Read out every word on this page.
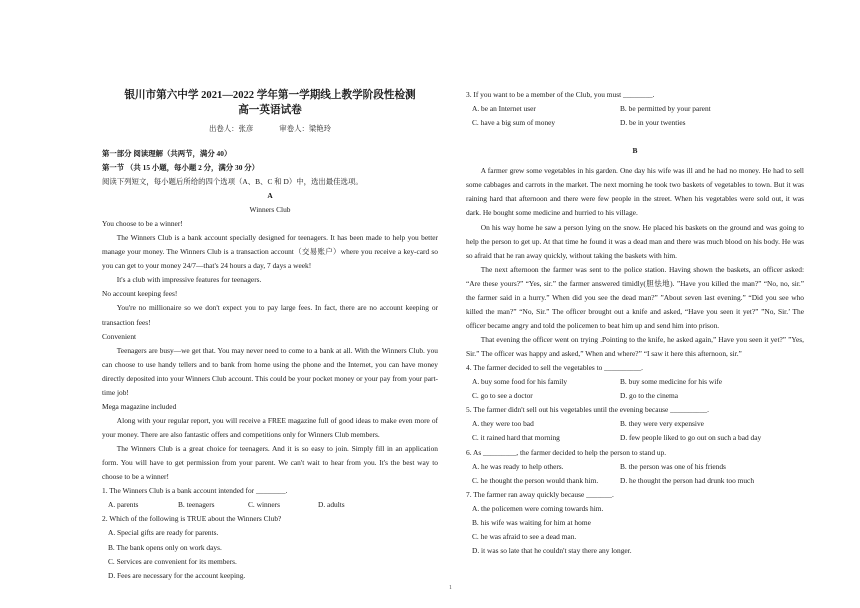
银川市第六中学 2021—2022 学年第一学期线上教学阶段性检测
高一英语试卷
出卷人：张彦	审卷人：梁艳玲
第一部分 阅读理解（共两节，满分 40）
第一节 （共 15 小题，每小题 2 分，满分 30 分）
阅读下列短文，每小题后所给的四个选项（A、B、C 和 D）中，选出最佳选项。
A
Winners Club
You choose to be a winner!
The Winners Club is a bank account specially designed for teenagers. It has been made to help you better manage your money. The Winners Club is a transaction account（交易账户）where you receive a key-card so you can get to your money 24/7—that's 24 hours a day, 7 days a week!
It's a club with impressive features for teenagers.
No account keeping fees!
You're no millionaire so we don't expect you to pay large fees. In fact, there are no account keeping or transaction fees!
Convenient
Teenagers are busy—we get that. You may never need to come to a bank at all. With the Winners Club. you can choose to use handy tellers and to bank from home using the phone and the Internet, you can have money directly deposited into your Winners Club account. This could be your pocket money or your pay from your part-time job!
Mega magazine included
Along with your regular report, you will receive a FREE magazine full of good ideas to make even more of your money. There are also fantastic offers and competitions only for Winners Club members.
The Winners Club is a great choice for teenagers. And it is so easy to join. Simply fill in an application form. You will have to get permission from your parent. We can't wait to hear from you. It's the best way to choose to be a winner!
1. The Winners Club is a bank account intended for ________.
A. parents	B. teenagers	C. winners	D. adults
2. Which of the following is TRUE about the Winners Club?
A. Special gifts are ready for parents.
B. The bank opens only on work days.
C. Services are convenient for its members.
D. Fees are necessary for the account keeping.
3. If you want to be a member of the Club, you must ________.
A. be an Internet user	B. be permitted by your parent
C. have a big sum of money	D. be in your twenties
B
A farmer grew some vegetables in his garden. One day his wife was ill and he had no money. He had to sell some cabbages and carrots in the market. The next morning he took two baskets of vegetables to town. But it was raining hard that afternoon and there were few people in the street. When his vegetables were sold out, it was dark. He bought some medicine and hurried to his village.
On his way home he saw a person lying on the snow. He placed his baskets on the ground and was going to help the person to get up. At that time he found it was a dead man and there was much blood on his body. He was so afraid that he ran away quickly, without taking the baskets with him.
The next afternoon the farmer was sent to the police station. Having shown the baskets, an officer asked: “Are these yours?” “Yes, sir.” the farmer answered timidly(胆怯地). ”Have you killed the man?” “No, no, sir.” the farmer said in a hurry.” When did you see the dead man?” ”About seven last evening.” “Did you see who killed the man?” “No, Sir.” The officer brought out a knife and asked, “Have you seen it yet?” ”No, Sir.’ The officer became angry and told the policemen to beat him up and send him into prison.
That evening the officer went on trying .Pointing to the knife, he asked again,” Have you seen it yet?” ”Yes, Sir.” The officer was happy and asked,” When and where?” “I saw it here this afternoon, sir.”
4. The farmer decided to sell the vegetables to __________.
A. buy some food for his family	B. buy some medicine for his wife
C. go to see a doctor	D. go to the cinema
5. The farmer didn't sell out his vegetables until the evening because __________.
A. they were too bad	B. they were very expensive
C. it rained hard that morning	D. few people liked to go out on such a bad day
6. As _________, the farmer decided to help the person to stand up.
A. he was ready to help others.	B. the person was one of his friends
C. he thought the person would thank him.	D. he thought the person had drunk too much
7. The farmer ran away quickly because _______.
A. the policemen were coming towards him.
B. his wife was waiting for him at home
C. he was afraid to see a dead man.
D. it was so late that he couldn't stay there any longer.
1
